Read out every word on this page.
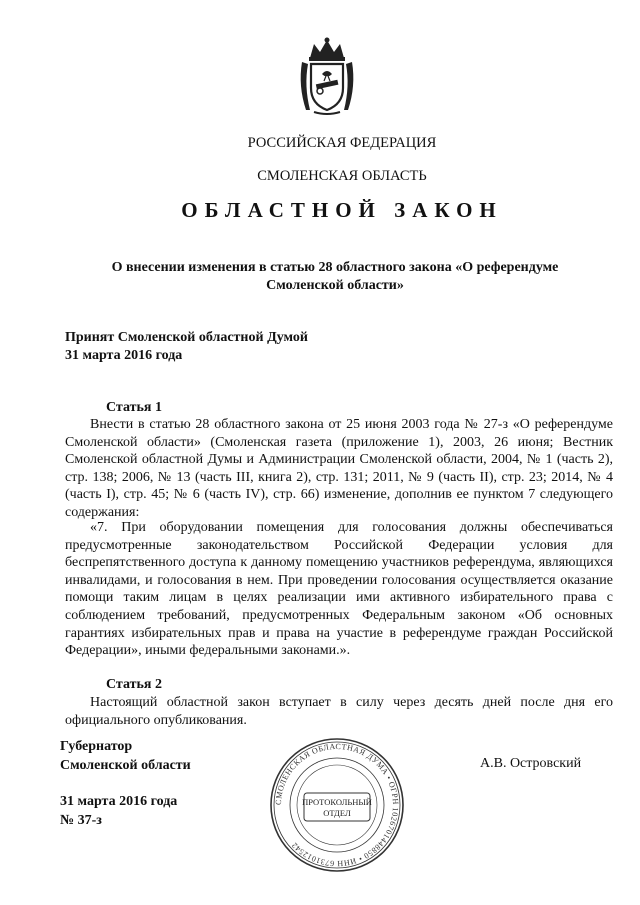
РОССИЙСКАЯ ФЕДЕРАЦИЯ
СМОЛЕНСКАЯ ОБЛАСТЬ
ОБЛАСТНОЙ ЗАКОН
О внесении изменения в статью 28 областного закона «О референдуме
Смоленской области»
Принят Смоленской областной Думой
31 марта 2016 года
Статья 1
Внести в статью 28 областного закона от 25 июня 2003 года № 27-з «О референдуме Смоленской области» (Смоленская газета (приложение 1), 2003, 26 июня; Вестник Смоленской областной Думы и Администрации Смоленской области, 2004, № 1 (часть 2), стр. 138; 2006, № 13 (часть III, книга 2), стр. 131; 2011, № 9 (часть II), стр. 23; 2014, № 4 (часть I), стр. 45; № 6 (часть IV), стр. 66) изменение, дополнив ее пунктом 7 следующего содержания:
«7. При оборудовании помещения для голосования должны обеспечиваться предусмотренные законодательством Российской Федерации условия для беспрепятственного доступа к данному помещению участников референдума, являющихся инвалидами, и голосования в нем. При проведении голосования осуществляется оказание помощи таким лицам в целях реализации ими активного избирательного права с соблюдением требований, предусмотренных Федеральным законом «Об основных гарантиях избирательных прав и права на участие в референдуме граждан Российской Федерации», иными федеральными законами.».
Статья 2
Настоящий областной закон вступает в силу через десять дней после дня его официального опубликования.
Губернатор
Смоленской области	А.В. Островский
31 марта 2016 года
№ 37-з
СМОЛЕНСКАЯ ОБЛАСТНАЯ ДУМА • ОГРН 1026701448850 • ИНН 6731012542
ПРОТОКОЛЬНЫЙ
ОТДЕЛ
